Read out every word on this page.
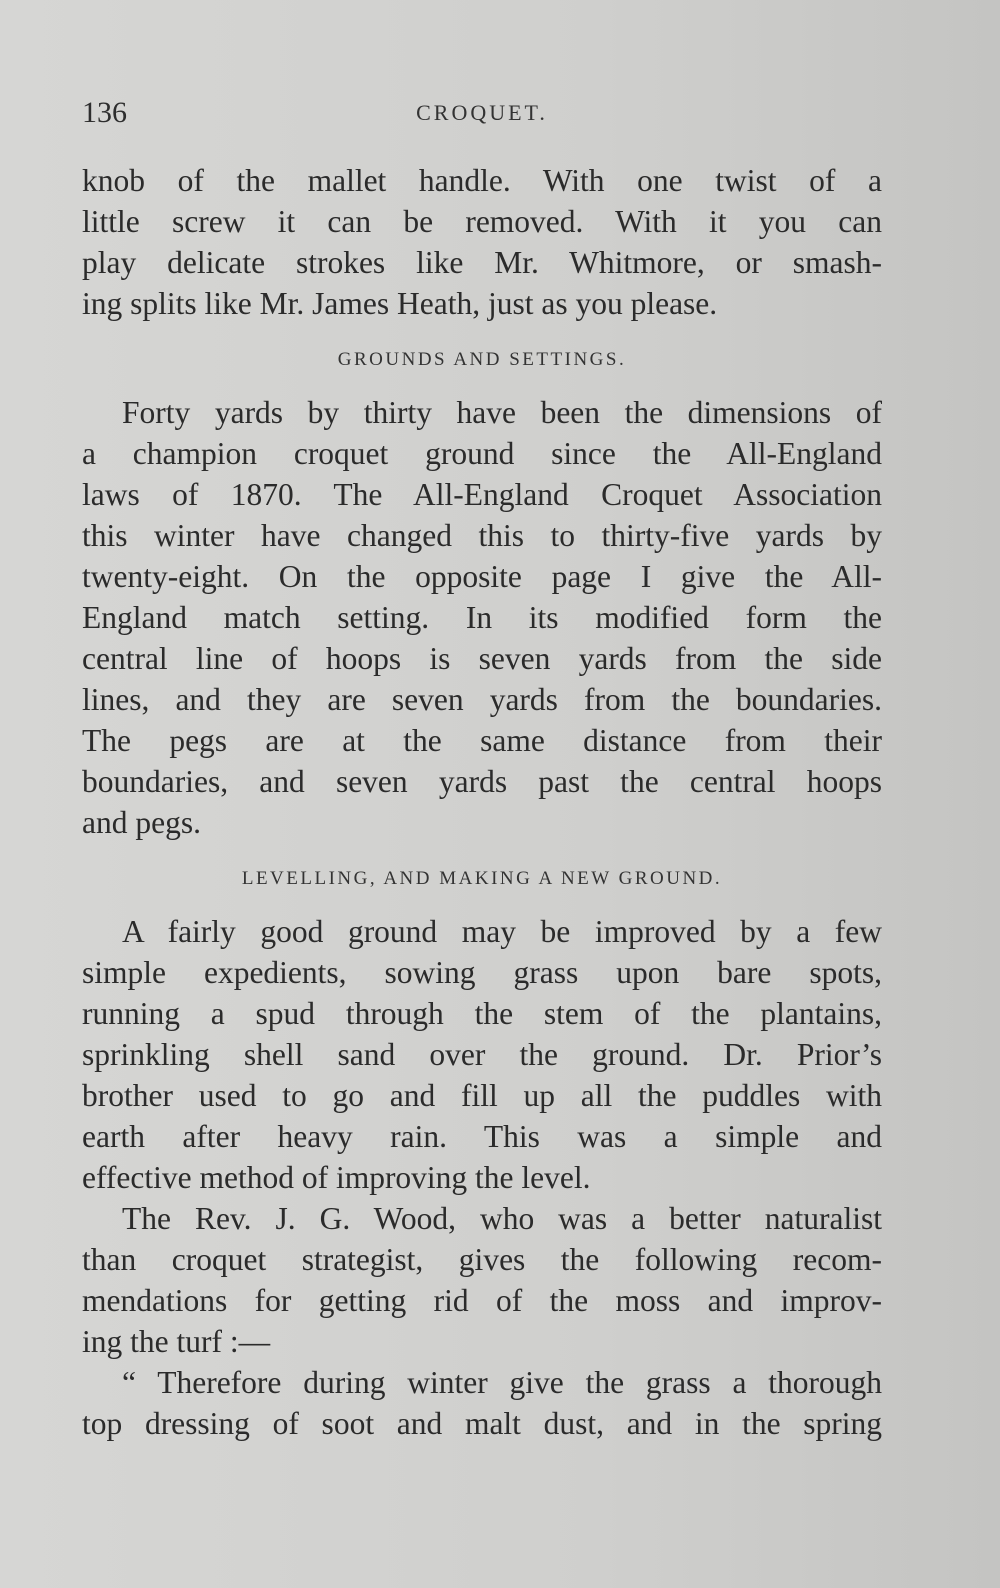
136	CROQUET.
knob of the mallet handle. With one twist of a
little screw it can be removed. With it you can
play delicate strokes like Mr. Whitmore, or smash-
ing splits like Mr. James Heath, just as you please.
GROUNDS AND SETTINGS.
Forty yards by thirty have been the dimensions of
a champion croquet ground since the All-England
laws of 1870. The All-England Croquet Association
this winter have changed this to thirty-five yards by
twenty-eight. On the opposite page I give the All-
England match setting. In its modified form the
central line of hoops is seven yards from the side
lines, and they are seven yards from the boundaries.
The pegs are at the same distance from their
boundaries, and seven yards past the central hoops
and pegs.
LEVELLING, AND MAKING A NEW GROUND.
A fairly good ground may be improved by a few
simple expedients, sowing grass upon bare spots,
running a spud through the stem of the plantains,
sprinkling shell sand over the ground. Dr. Prior’s
brother used to go and fill up all the puddles with
earth after heavy rain. This was a simple and
effective method of improving the level.
The Rev. J. G. Wood, who was a better naturalist
than croquet strategist, gives the following recom-
mendations for getting rid of the moss and improv-
ing the turf :—
“ Therefore during winter give the grass a thorough
top dressing of soot and malt dust, and in the spring
